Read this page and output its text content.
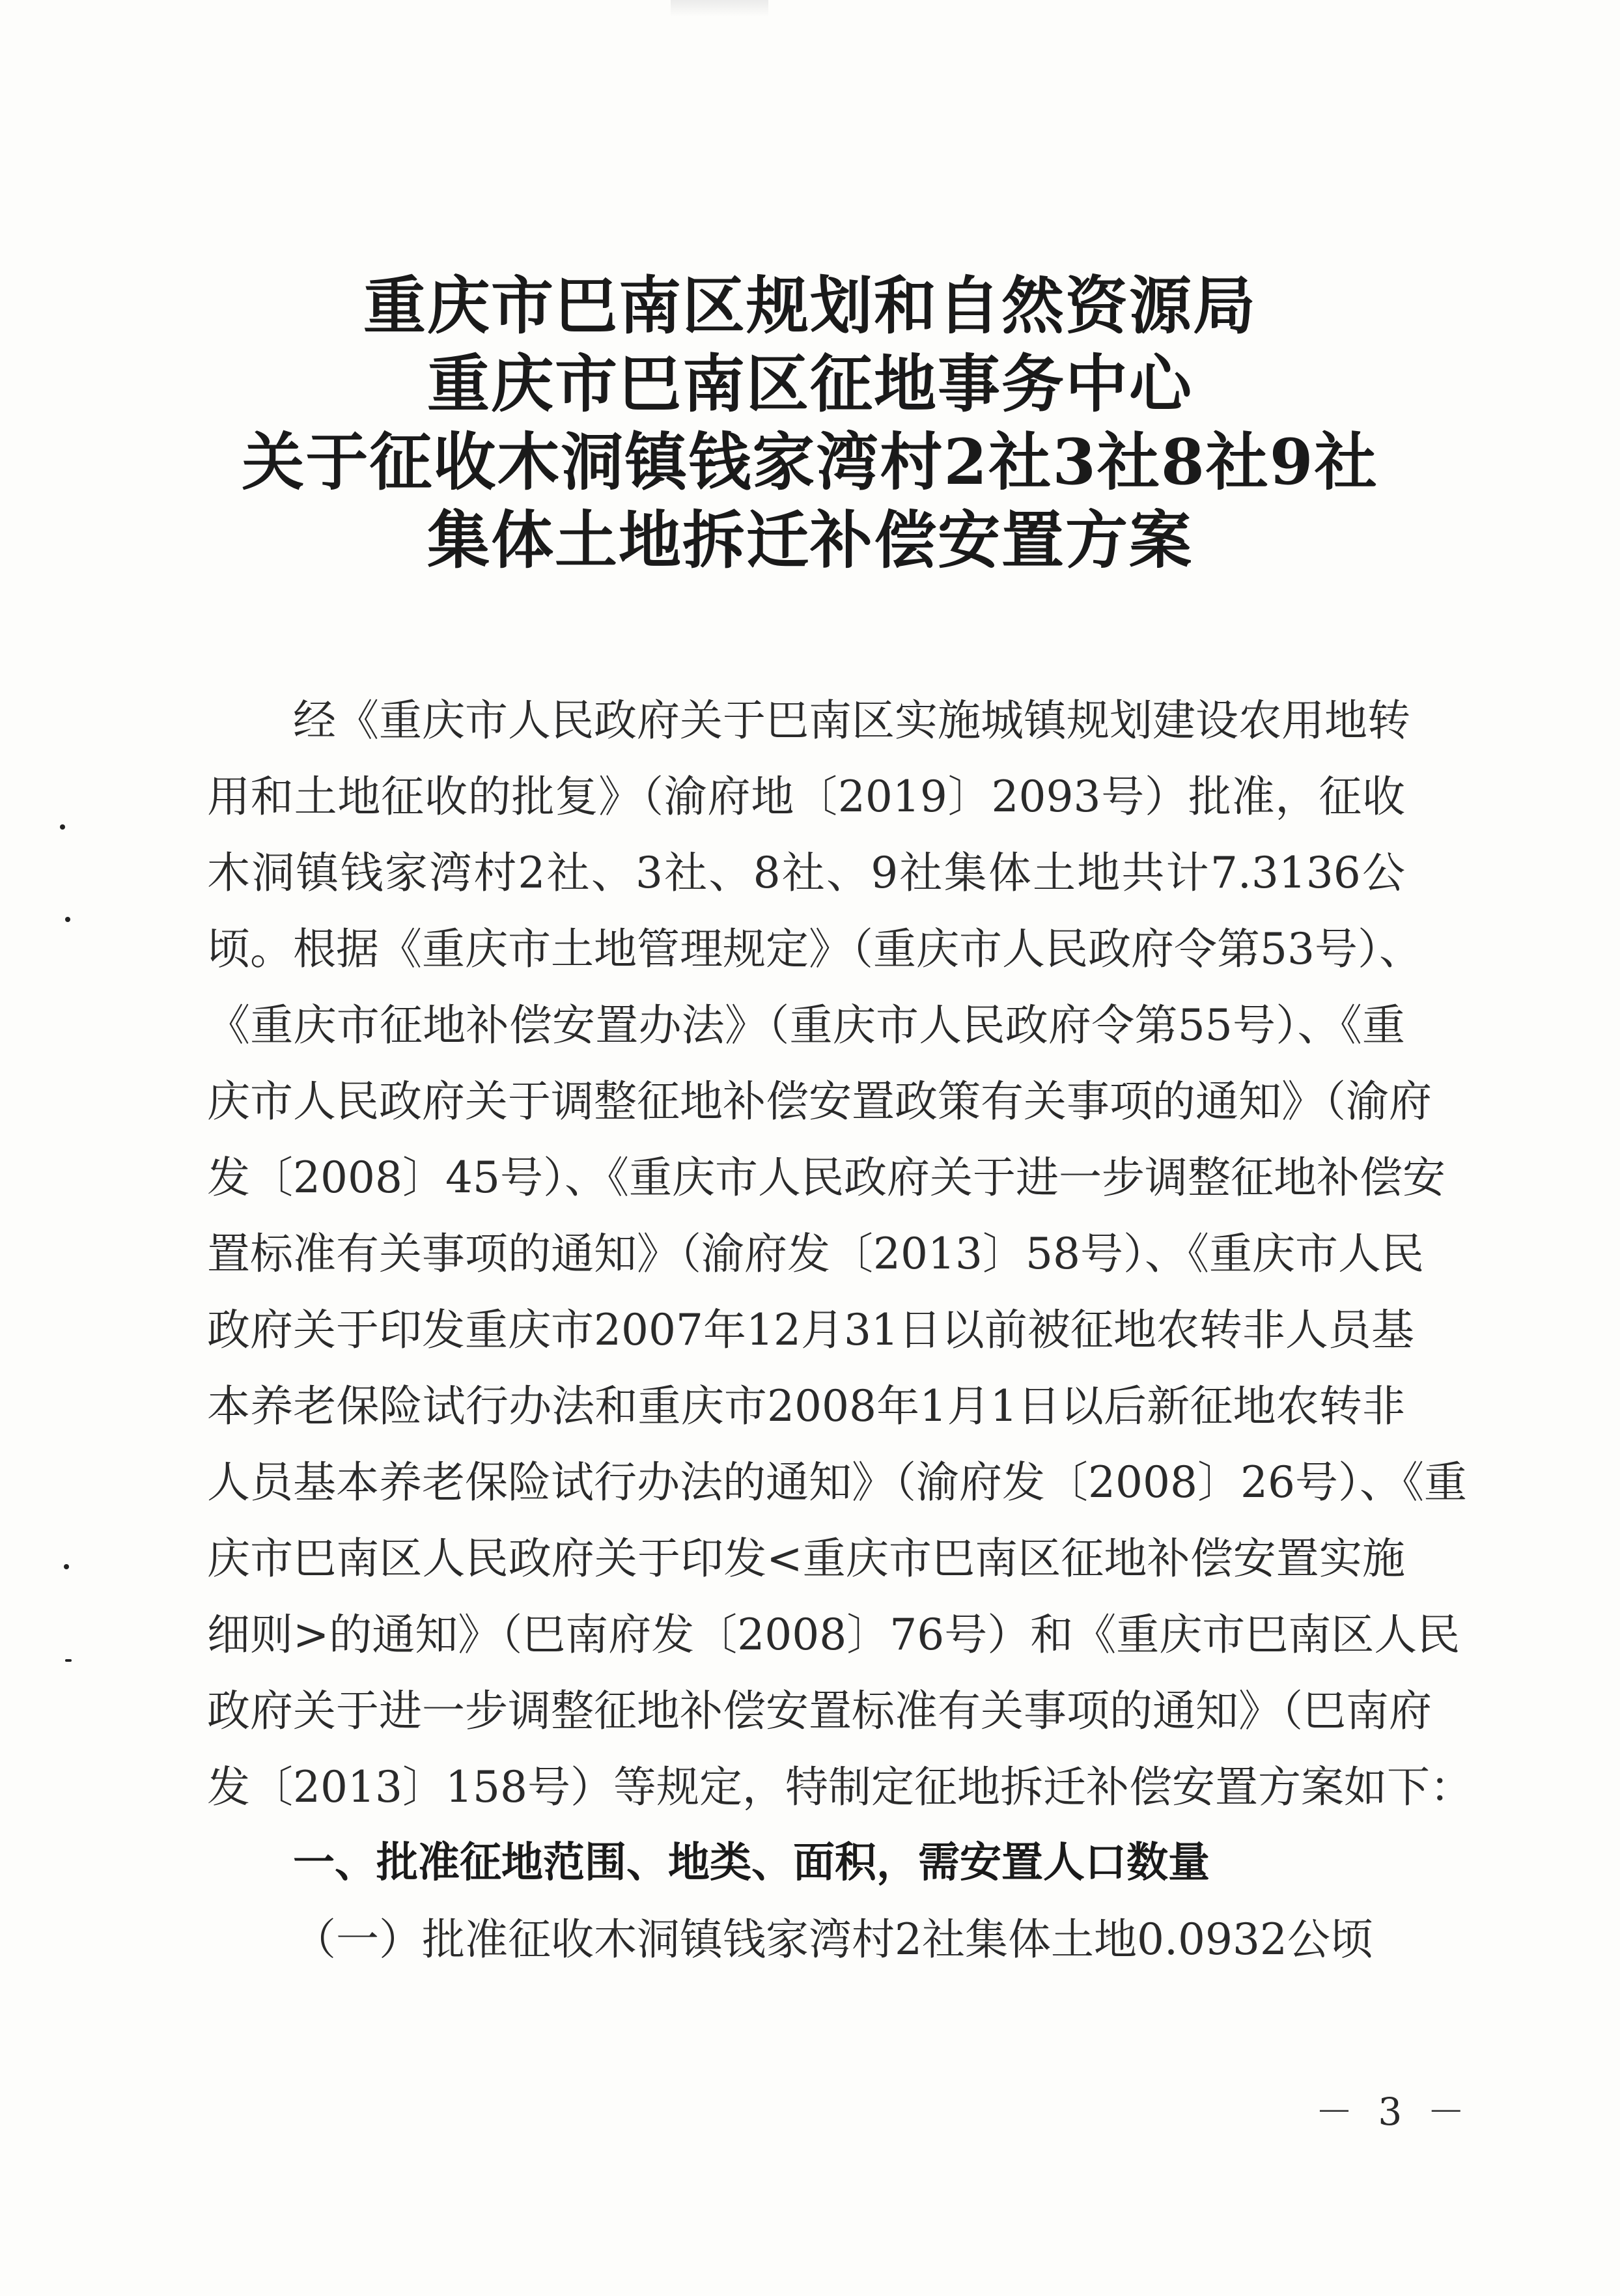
重庆市巴南区规划和自然资源局
重庆市巴南区征地事务中心
关于征收木洞镇钱家湾村2社3社8社9社
集体土地拆迁补偿安置方案
经《重庆市人民政府关于巴南区实施城镇规划建设农用地转
用和土地征收的批复》（渝府地〔2019〕2093号）批准，征收
木洞镇钱家湾村2社、3社、8社、9社集体土地共计7.3136公
顷。根据《重庆市土地管理规定》（重庆市人民政府令第53号）、
《重庆市征地补偿安置办法》（重庆市人民政府令第55号）、《重
庆市人民政府关于调整征地补偿安置政策有关事项的通知》（渝府
发〔2008〕45号）、《重庆市人民政府关于进一步调整征地补偿安
置标准有关事项的通知》（渝府发〔2013〕58号）、《重庆市人民
政府关于印发重庆市2007年12月31日以前被征地农转非人员基
本养老保险试行办法和重庆市2008年1月1日以后新征地农转非
人员基本养老保险试行办法的通知》（渝府发〔2008〕26号）、《重
庆市巴南区人民政府关于印发<重庆市巴南区征地补偿安置实施
细则>的通知》（巴南府发〔2008〕76号）和《重庆市巴南区人民
政府关于进一步调整征地补偿安置标准有关事项的通知》（巴南府
发〔2013〕158号）等规定，特制定征地拆迁补偿安置方案如下：
一、批准征地范围、地类、面积，需安置人口数量
（一）批准征收木洞镇钱家湾村2社集体土地0.0932公顷
－ 3 －
